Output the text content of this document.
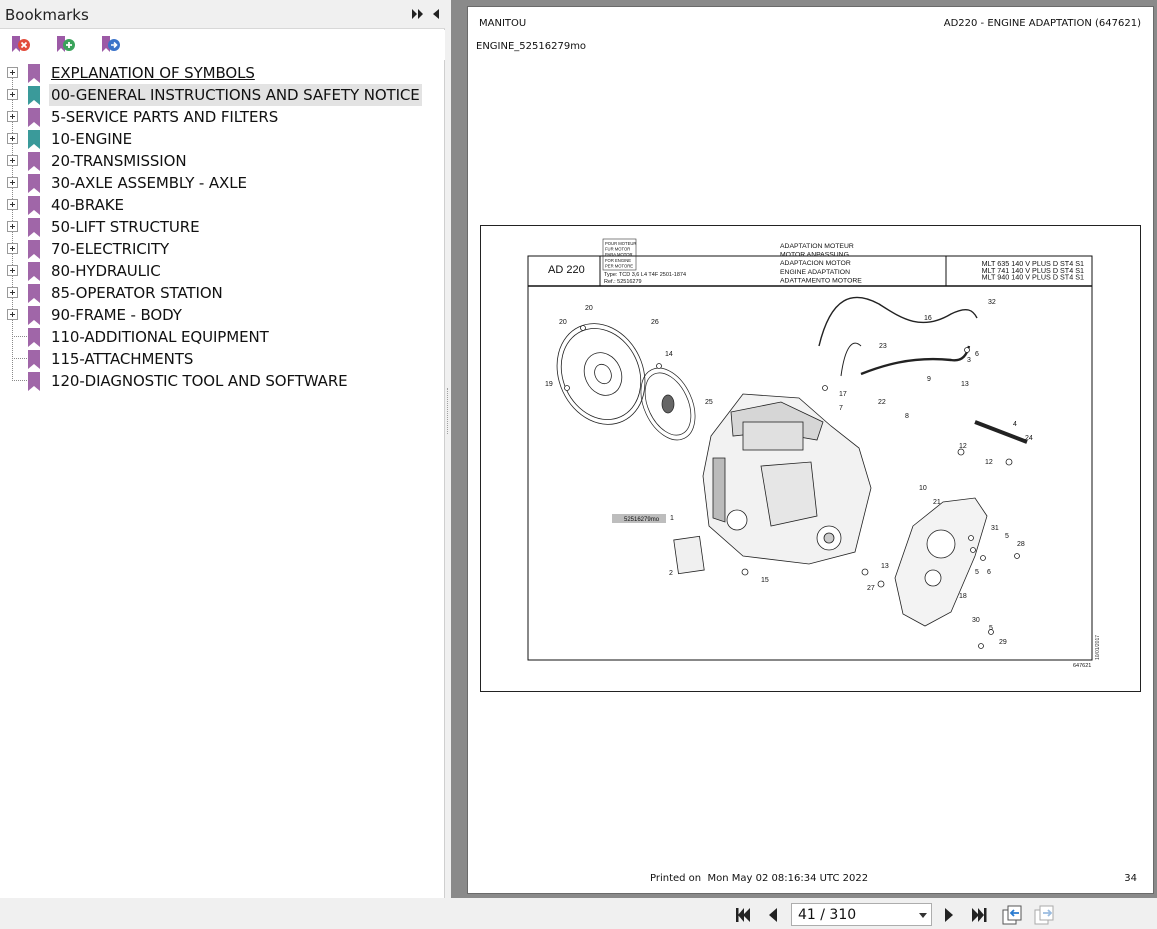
Bookmarks
EXPLANATION OF SYMBOLS
00-GENERAL INSTRUCTIONS AND SAFETY NOTICE
5-SERVICE PARTS AND FILTERS
10-ENGINE
20-TRANSMISSION
30-AXLE ASSEMBLY - AXLE
40-BRAKE
50-LIFT STRUCTURE
70-ELECTRICITY
80-HYDRAULIC
85-OPERATOR STATION
90-FRAME - BODY
110-ADDITIONAL EQUIPMENT
115-ATTACHMENTS
120-DIAGNOSTIC TOOL AND SOFTWARE
MANITOU	AD220 - ENGINE ADAPTATION (647621)
ENGINE_52516279mo
AD 220
POUR MOTEUR
FUR MOTOR
PARA MOTOR
FOR ENGINE
PER MOTORE
Type: TCD 3,6 L4 T4F 2501-1874
Ref.: 52516279
ADAPTATION MOTEUR
MOTOR ANPASSUNG
ADAPTACION MOTOR
ENGINE ADAPTATION
ADATTAMENTO MOTORE
MLT 635 140 V PLUS D ST4 S1
MLT 741 140 V PLUS D ST4 S1
MLT 940 140 V PLUS D ST4 S1
52516279mo
647621
10/01/2017
20
20	26
14
19
25
16
32
23
6
3
17
7
9
13
22
8
4
12
24
12
10
21
1
31
5
28
2
15
5 6
13
27
18
30
5
29
Printed on Mon May 02 08:16:34 UTC 2022	34
41 / 310
